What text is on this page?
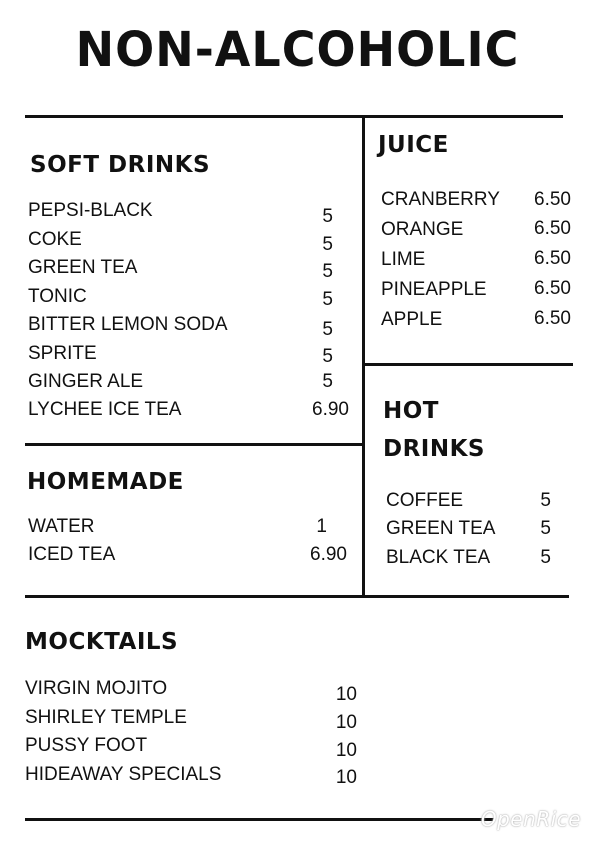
NON-ALCOHOLIC
SOFT DRINKS
PEPSI-BLACK	5
COKE	5
GREEN TEA	5
TONIC	5
BITTER LEMON SODA	5
SPRITE	5
GINGER ALE	5
LYCHEE ICE TEA	6.90
JUICE
CRANBERRY 6.50
ORANGE	6.50
LIME	6.50
PINEAPPLE 6.50
APPLE	6.50
HOMEMADE
WATER	1
ICED TEA	6.90
HOT
DRINKS
COFFEE	5
GREEN TEA 5
BLACK TEA	5
MOCKTAILS
VIRGIN MOJITO	10
SHIRLEY TEMPLE	10
PUSSY FOOT	10
HIDEAWAY SPECIALS	10
OpenRice
